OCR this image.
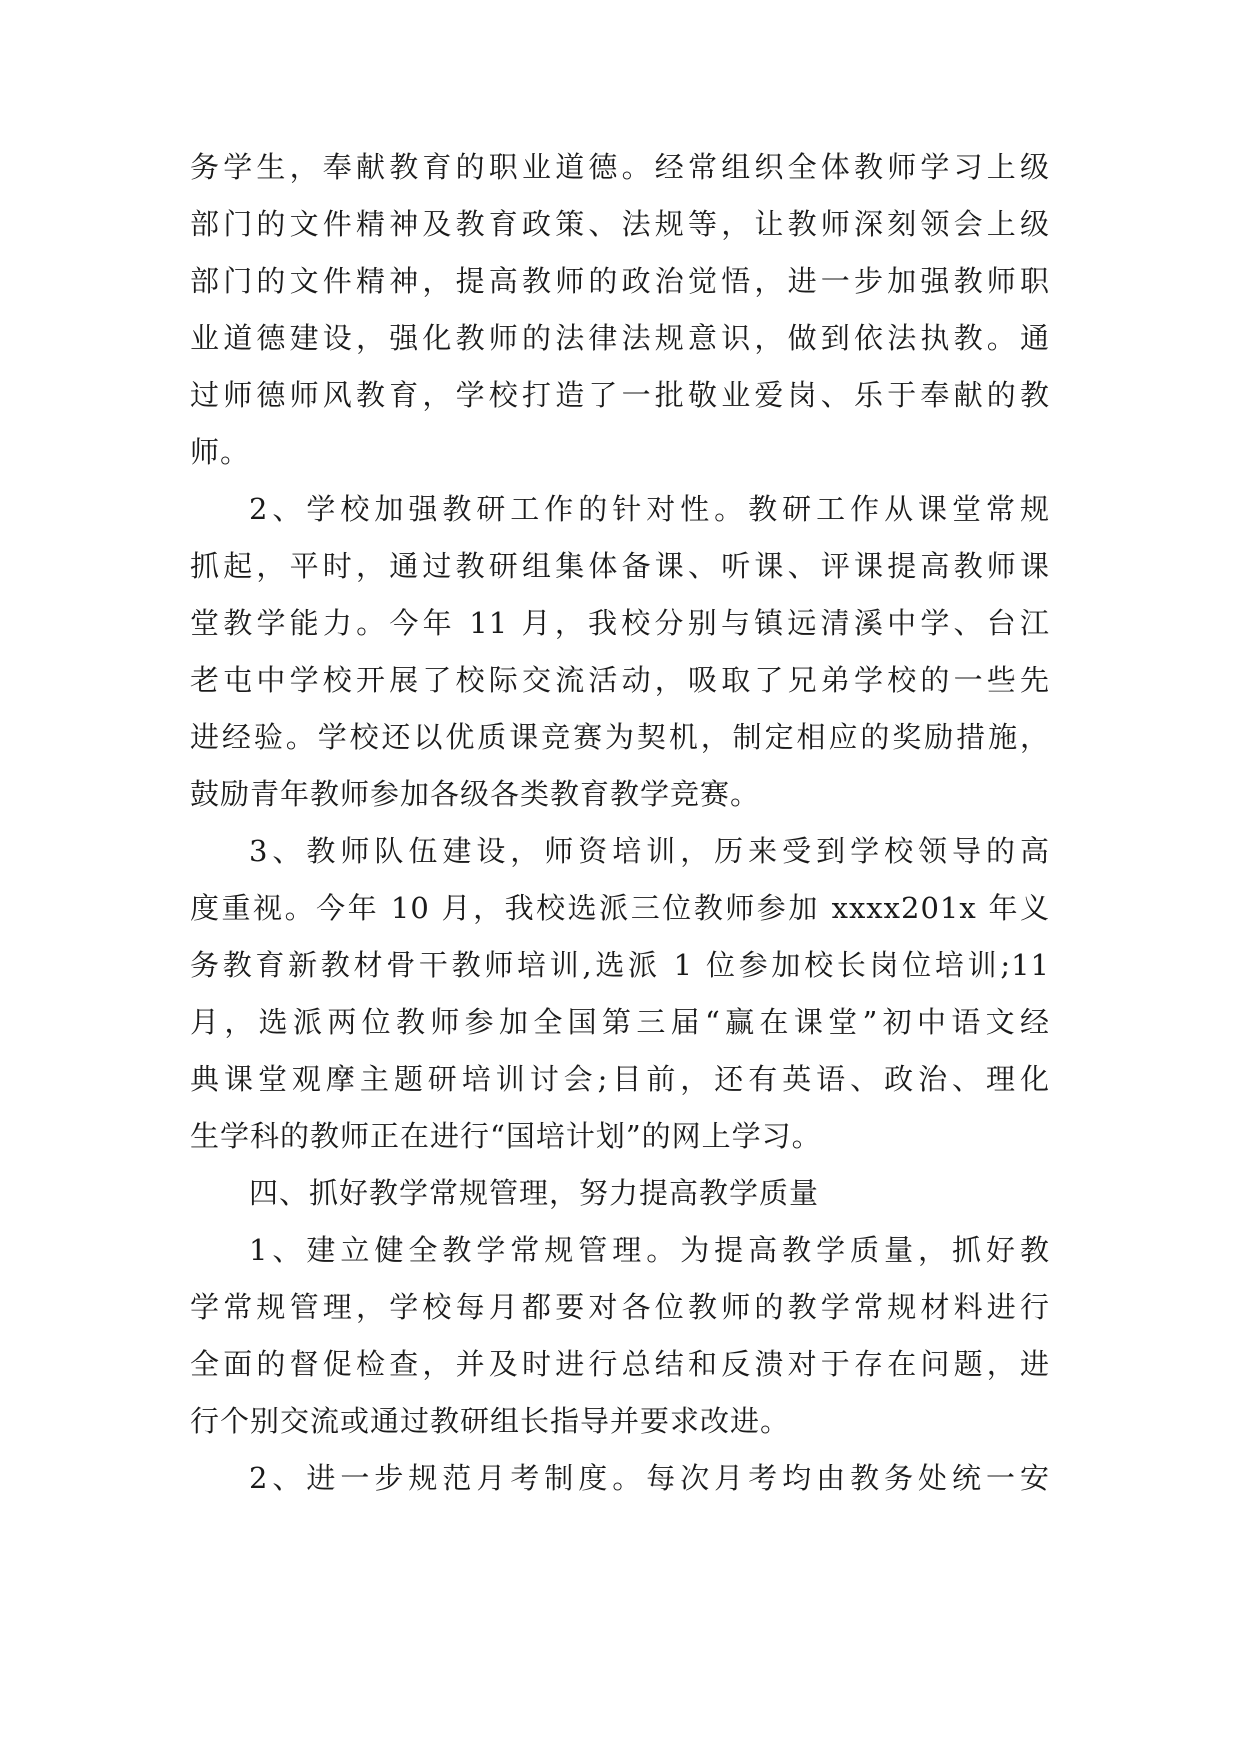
务学生，奉献教育的职业道德。经常组织全体教师学习上级
部门的文件精神及教育政策、法规等，让教师深刻领会上级
部门的文件精神，提高教师的政治觉悟，进一步加强教师职
业道德建设，强化教师的法律法规意识，做到依法执教。通
过师德师风教育，学校打造了一批敬业爱岗、乐于奉献的教
师。
2、学校加强教研工作的针对性。教研工作从课堂常规
抓起，平时，通过教研组集体备课、听课、评课提高教师课
堂教学能力。今年 11 月，我校分别与镇远清溪中学、台江
老屯中学校开展了校际交流活动，吸取了兄弟学校的一些先
进经验。学校还以优质课竞赛为契机，制定相应的奖励措施，
鼓励青年教师参加各级各类教育教学竞赛。
3、教师队伍建设，师资培训，历来受到学校领导的高
度重视。今年 10 月，我校选派三位教师参加 xxxx201x 年义
务教育新教材骨干教师培训,选派 1 位参加校长岗位培训;11
月，选派两位教师参加全国第三届“赢在课堂”初中语文经
典课堂观摩主题研培训讨会;目前，还有英语、政治、理化
生学科的教师正在进行“国培计划”的网上学习。
四、抓好教学常规管理，努力提高教学质量
1、建立健全教学常规管理。为提高教学质量，抓好教
学常规管理，学校每月都要对各位教师的教学常规材料进行
全面的督促检查，并及时进行总结和反溃对于存在问题，进
行个别交流或通过教研组长指导并要求改进。
2、进一步规范月考制度。每次月考均由教务处统一安
